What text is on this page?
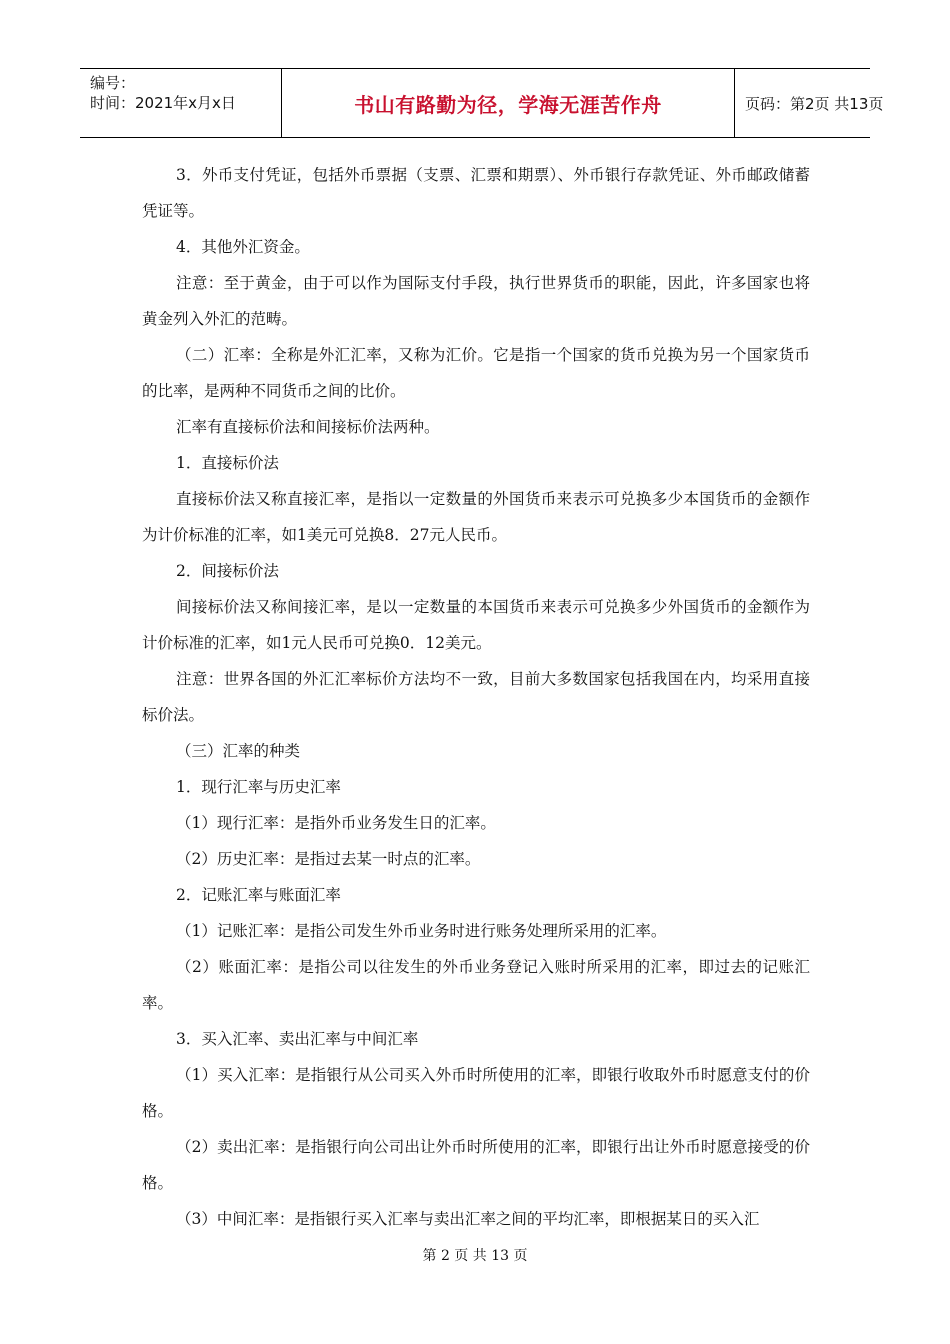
编号：
时间：2021年x月x日	书山有路勤为径，学海无涯苦作舟	页码：第2页 共13页

3．外币支付凭证，包括外币票据（支票、汇票和期票）、外币银行存款凭证、外币邮政储蓄凭证等。

4．其他外汇资金。

注意：至于黄金，由于可以作为国际支付手段，执行世界货币的职能，因此，许多国家也将黄金列入外汇的范畴。

（二）汇率：全称是外汇汇率，又称为汇价。它是指一个国家的货币兑换为另一个国家货币的比率，是两种不同货币之间的比价。

汇率有直接标价法和间接标价法两种。

1．直接标价法

直接标价法又称直接汇率，是指以一定数量的外国货币来表示可兑换多少本国货币的金额作为计价标准的汇率，如1美元可兑换8．27元人民币。

2．间接标价法

间接标价法又称间接汇率，是以一定数量的本国货币来表示可兑换多少外国货币的金额作为计价标准的汇率，如1元人民币可兑换0．12美元。

注意：世界各国的外汇汇率标价方法均不一致，目前大多数国家包括我国在内，均采用直接标价法。

（三）汇率的种类

1．现行汇率与历史汇率

（1）现行汇率：是指外币业务发生日的汇率。

（2）历史汇率：是指过去某一时点的汇率。

2．记账汇率与账面汇率

（1）记账汇率：是指公司发生外币业务时进行账务处理所采用的汇率。

（2）账面汇率：是指公司以往发生的外币业务登记入账时所采用的汇率，即过去的记账汇率。

3．买入汇率、卖出汇率与中间汇率

（1）买入汇率：是指银行从公司买入外币时所使用的汇率，即银行收取外币时愿意支付的价格。

（2）卖出汇率：是指银行向公司出让外币时所使用的汇率，即银行出让外币时愿意接受的价格。

（3）中间汇率：是指银行买入汇率与卖出汇率之间的平均汇率，即根据某日的买入汇

第 2 页 共 13 页
